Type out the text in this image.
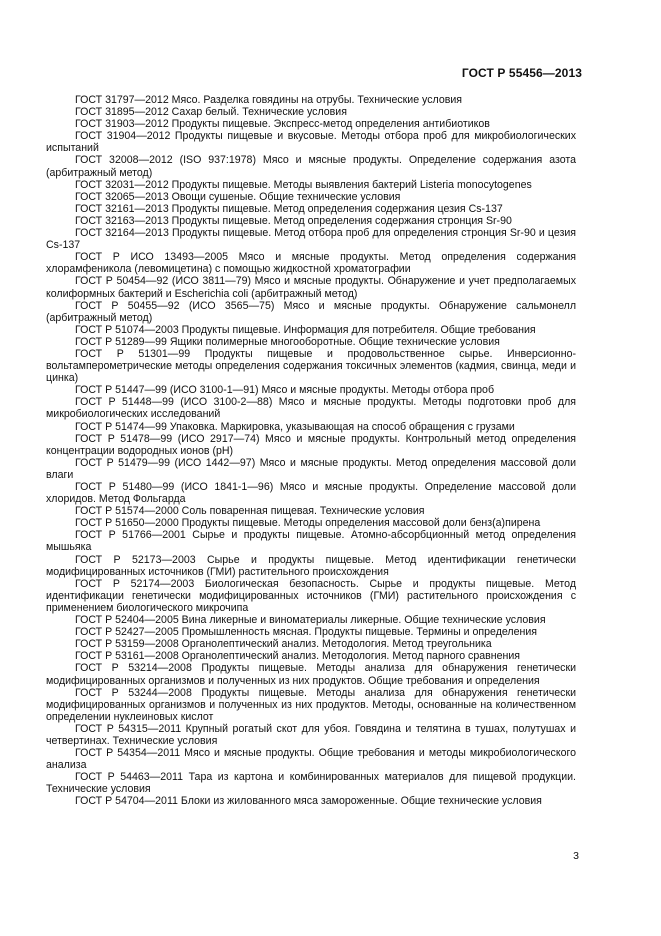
ГОСТ Р 55456—2013

ГОСТ 31797—2012 Мясо. Разделка говядины на отрубы. Технические условия

ГОСТ 31895—2012 Сахар белый. Технические условия

ГОСТ 31903—2012 Продукты пищевые. Экспресс-метод определения антибиотиков

ГОСТ 31904—2012 Продукты пищевые и вкусовые. Методы отбора проб для микробиологических испытаний

ГОСТ 32008—2012 (ISO 937:1978) Мясо и мясные продукты. Определение содержания азота (арбитражный метод)

ГОСТ 32031—2012 Продукты пищевые. Методы выявления бактерий Listeria monocytogenes

ГОСТ 32065—2013 Овощи сушеные. Общие технические условия

ГОСТ 32161—2013 Продукты пищевые. Метод определения содержания цезия Cs-137

ГОСТ 32163—2013 Продукты пищевые. Метод определения содержания стронция Sr-90

ГОСТ 32164—2013 Продукты пищевые. Метод отбора проб для определения стронция Sr-90 и цезия Cs-137

ГОСТ Р ИСО 13493—2005 Мясо и мясные продукты. Метод определения содержания хлорамфеникола (левомицетина) с помощью жидкостной хроматографии

ГОСТ Р 50454—92 (ИСО 3811—79) Мясо и мясные продукты. Обнаружение и учет предполагаемых колиформных бактерий и Escherichia coli (арбитражный метод)

ГОСТ Р 50455—92 (ИСО 3565—75) Мясо и мясные продукты. Обнаружение сальмонелл (арбитражный метод)

ГОСТ Р 51074—2003 Продукты пищевые. Информация для потребителя. Общие требования

ГОСТ Р 51289—99 Ящики полимерные многооборотные. Общие технические условия

ГОСТ Р 51301—99 Продукты пищевые и продовольственное сырье. Инверсионно-вольтамперометрические методы определения содержания токсичных элементов (кадмия, свинца, меди и цинка)

ГОСТ Р 51447—99 (ИСО 3100-1—91) Мясо и мясные продукты. Методы отбора проб

ГОСТ Р 51448—99 (ИСО 3100-2—88) Мясо и мясные продукты. Методы подготовки проб для микробиологических исследований

ГОСТ Р 51474—99 Упаковка. Маркировка, указывающая на способ обращения с грузами

ГОСТ Р 51478—99 (ИСО 2917—74) Мясо и мясные продукты. Контрольный метод определения концентрации водородных ионов (pH)

ГОСТ Р 51479—99 (ИСО 1442—97) Мясо и мясные продукты. Метод определения массовой доли влаги

ГОСТ Р 51480—99 (ИСО 1841-1—96) Мясо и мясные продукты. Определение массовой доли хлоридов. Метод Фольгарда

ГОСТ Р 51574—2000 Соль поваренная пищевая. Технические условия

ГОСТ Р 51650—2000 Продукты пищевые. Методы определения массовой доли бенз(а)пирена

ГОСТ Р 51766—2001 Сырье и продукты пищевые. Атомно-абсорбционный метод определения мышьяка

ГОСТ Р 52173—2003 Сырье и продукты пищевые. Метод идентификации генетически модифицированных источников (ГМИ) растительного происхождения

ГОСТ Р 52174—2003 Биологическая безопасность. Сырье и продукты пищевые. Метод идентификации генетически модифицированных источников (ГМИ) растительного происхождения с применением биологического микрочипа

ГОСТ Р 52404—2005 Вина ликерные и виноматериалы ликерные. Общие технические условия

ГОСТ Р 52427—2005 Промышленность мясная. Продукты пищевые. Термины и определения

ГОСТ Р 53159—2008 Органолептический анализ. Методология. Метод треугольника

ГОСТ Р 53161—2008 Органолептический анализ. Методология. Метод парного сравнения

ГОСТ Р 53214—2008 Продукты пищевые. Методы анализа для обнаружения генетически модифицированных организмов и полученных из них продуктов. Общие требования и определения

ГОСТ Р 53244—2008 Продукты пищевые. Методы анализа для обнаружения генетически модифицированных организмов и полученных из них продуктов. Методы, основанные на количественном определении нуклеиновых кислот

ГОСТ Р 54315—2011 Крупный рогатый скот для убоя. Говядина и телятина в тушах, полутушах и четвертинах. Технические условия

ГОСТ Р 54354—2011 Мясо и мясные продукты. Общие требования и методы микробиологического анализа

ГОСТ Р 54463—2011 Тара из картона и комбинированных материалов для пищевой продукции. Технические условия

ГОСТ Р 54704—2011 Блоки из жилованного мяса замороженные. Общие технические условия

3
